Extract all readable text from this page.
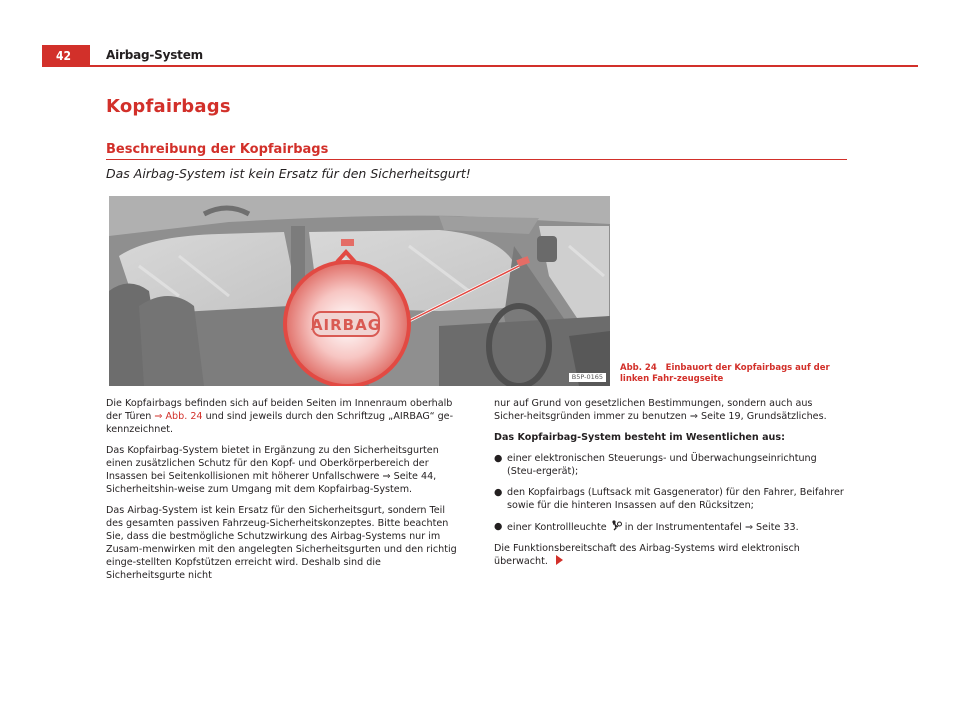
42	Airbag-System
Kopfairbags
Beschreibung der Kopfairbags
Das Airbag-System ist kein Ersatz für den Sicherheitsgurt!
AIRBAG
B5P-0165
Abb. 24 Einbauort der Kopfairbags auf der linken Fahr-zeugseite

Die Kopfairbags befinden sich auf beiden Seiten im Innenraum oberhalb der Türen ⇒ Abb. 24 und sind jeweils durch den Schriftzug „AIRBAG“ ge-kennzeichnet.

Das Kopfairbag-System bietet in Ergänzung zu den Sicherheitsgurten einen zusätzlichen Schutz für den Kopf- und Oberkörperbereich der Insassen bei Seitenkollisionen mit höherer Unfallschwere ⇒ Seite 44, Sicherheitshin-weise zum Umgang mit dem Kopfairbag-System.

Das Airbag-System ist kein Ersatz für den Sicherheitsgurt, sondern Teil des gesamten passiven Fahrzeug-Sicherheitskonzeptes. Bitte beachten Sie, dass die bestmögliche Schutzwirkung des Airbag-Systems nur im Zusam-menwirken mit den angelegten Sicherheitsgurten und den richtig einge-stellten Kopfstützen erreicht wird. Deshalb sind die Sicherheitsgurte nicht

nur auf Grund von gesetzlichen Bestimmungen, sondern auch aus Sicher-heitsgründen immer zu benutzen ⇒ Seite 19, Grundsätzliches.

Das Kopfairbag-System besteht im Wesentlichen aus:

● einer elektronischen Steuerungs- und Überwachungseinrichtung (Steu-ergerät);

● den Kopfairbags (Luftsack mit Gasgenerator) für den Fahrer, Beifahrer sowie für die hinteren Insassen auf den Rücksitzen;

● einer Kontrollleuchte  in der Instrumententafel ⇒ Seite 33.

Die Funktionsbereitschaft des Airbag-Systems wird elektronisch überwacht.
